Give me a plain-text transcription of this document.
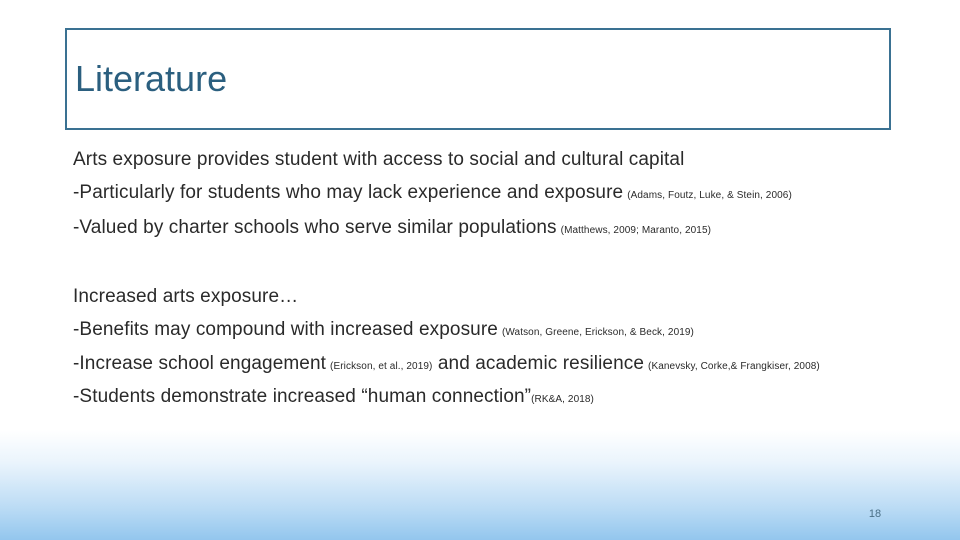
Literature
Arts exposure provides student with access to social and cultural capital
-Particularly for students who may lack experience and exposure (Adams, Foutz, Luke, & Stein, 2006)
-Valued by charter schools who serve similar populations (Matthews, 2009; Maranto, 2015)
Increased arts exposure…
-Benefits may compound with increased exposure (Watson, Greene, Erickson, & Beck, 2019)
-Increase school engagement (Erickson, et al., 2019) and academic resilience (Kanevsky, Corke,& Frangkiser, 2008)
-Students demonstrate increased “human connection”(RK&A, 2018)
18
